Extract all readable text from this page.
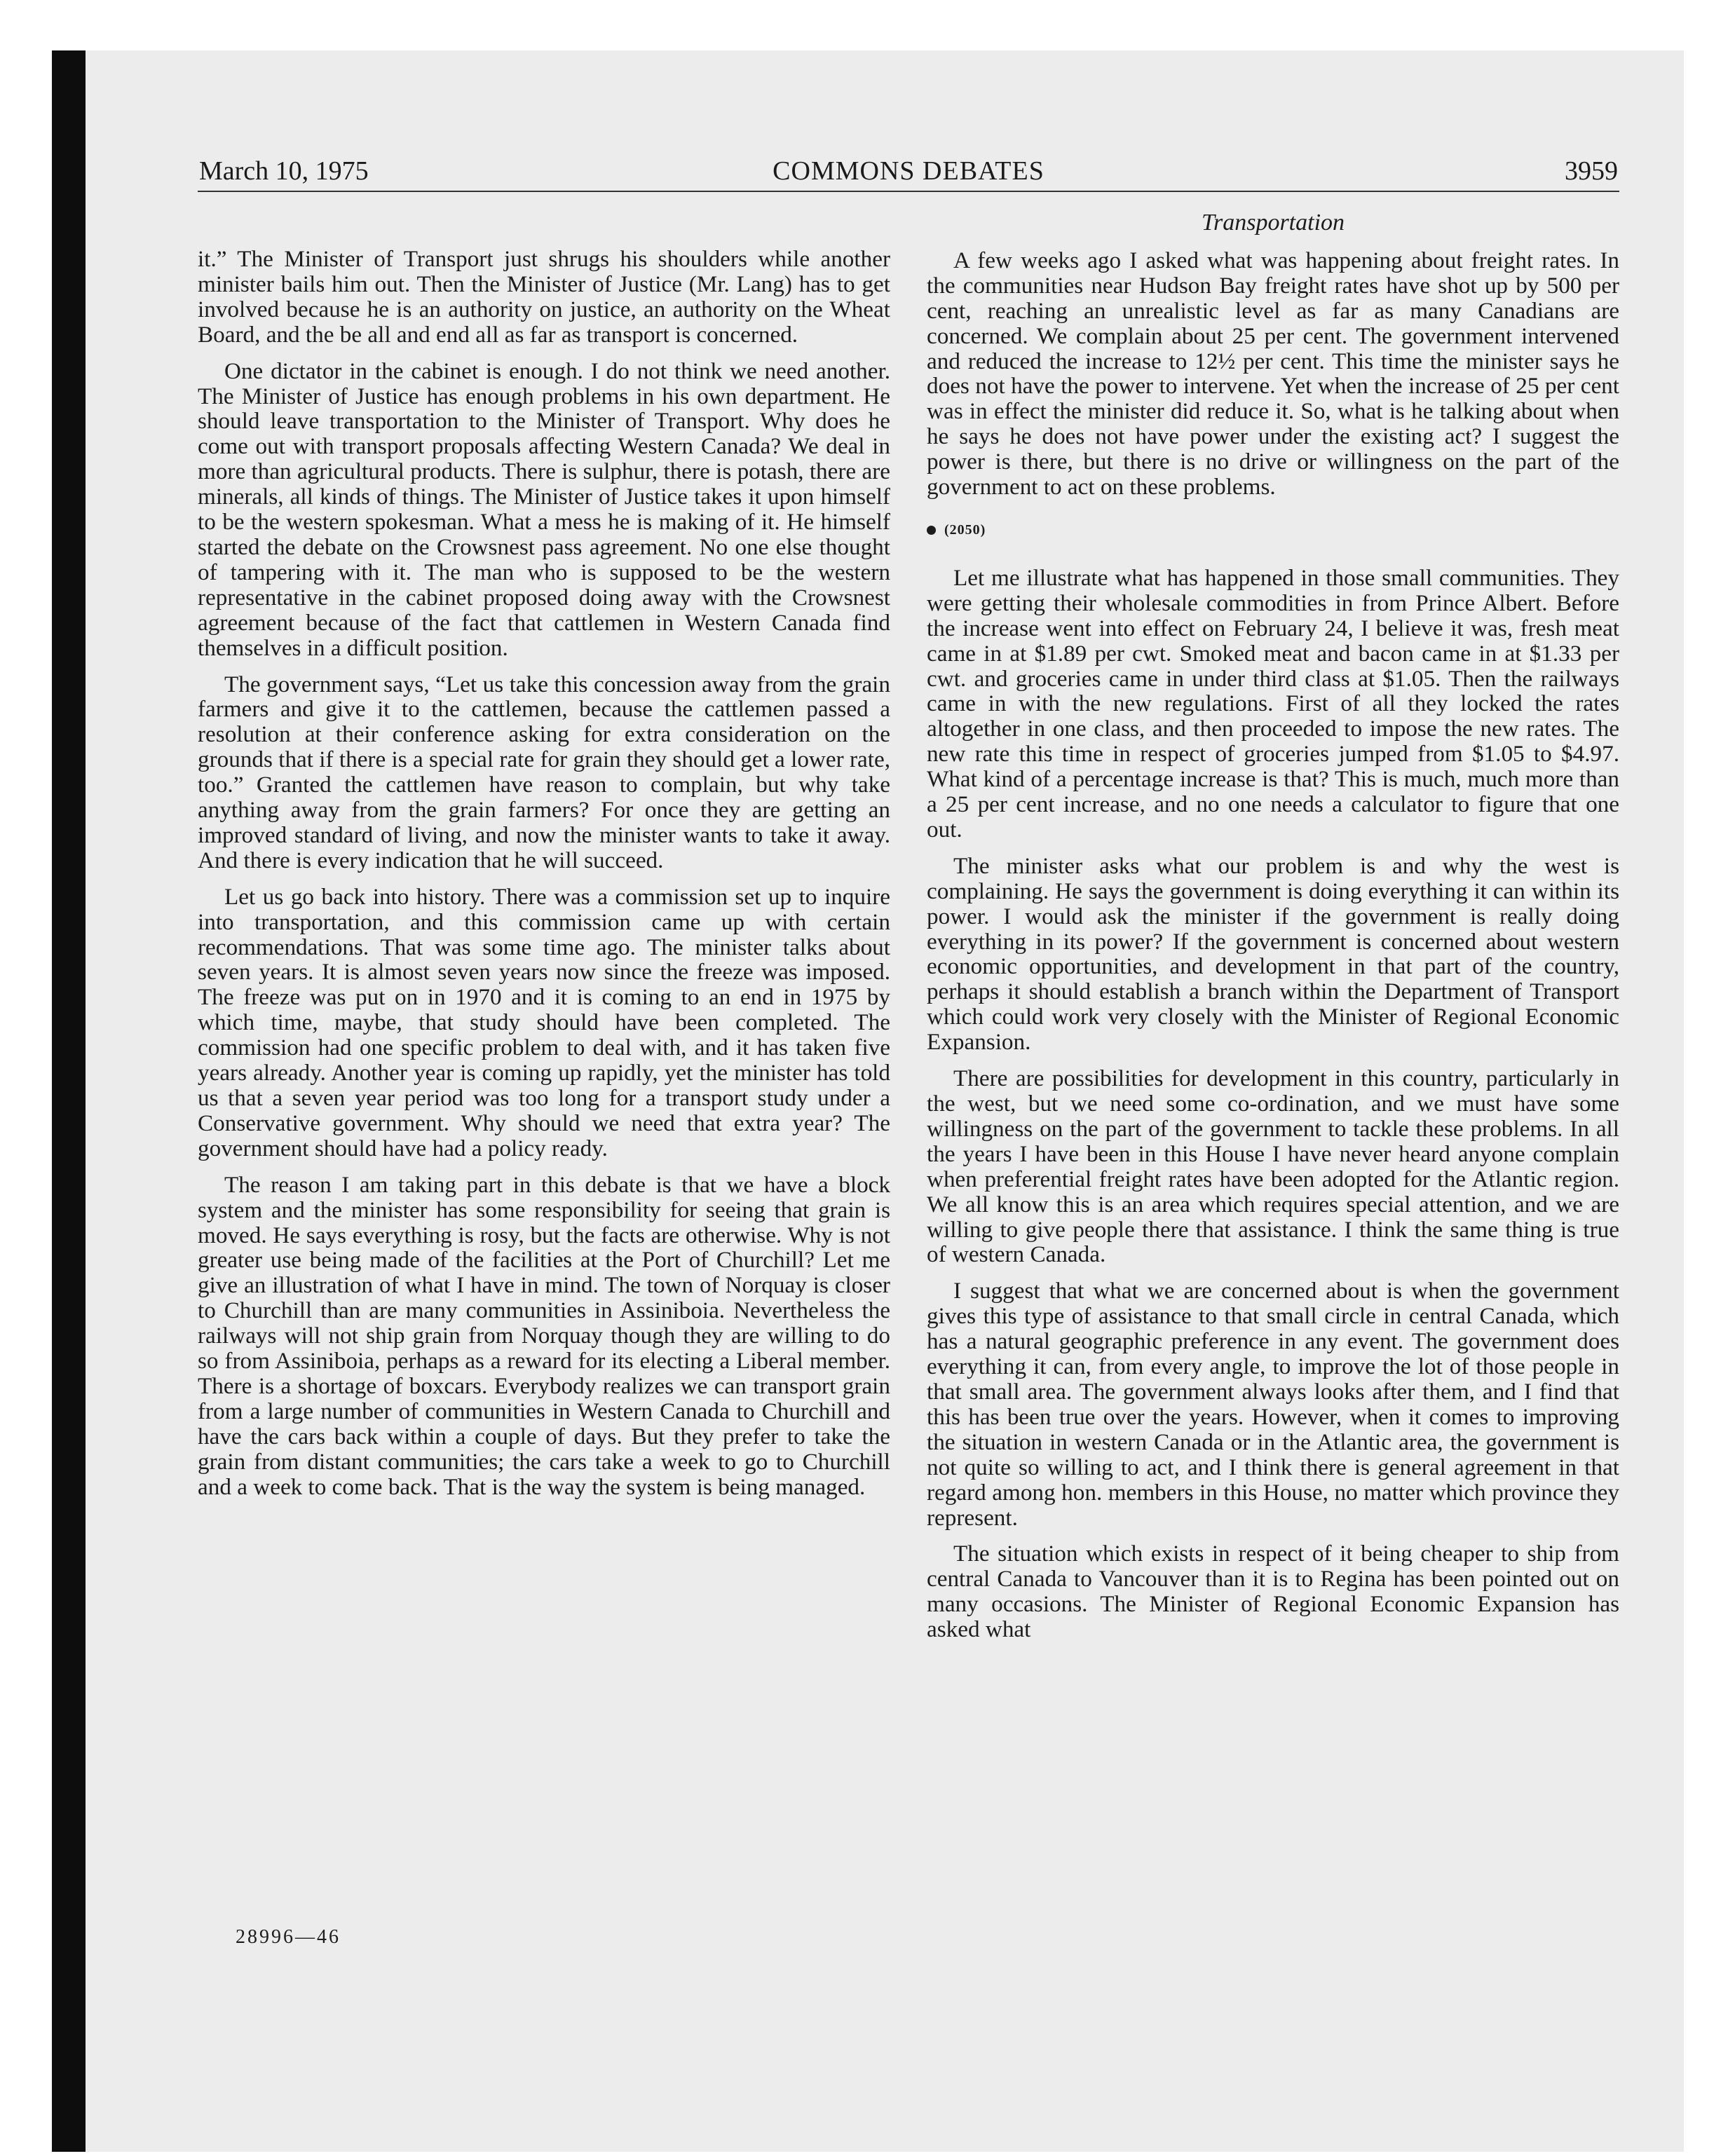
March 10, 1975	COMMONS DEBATES	3959

it.” The Minister of Transport just shrugs his shoulders while another minister bails him out. Then the Minister of Justice (Mr. Lang) has to get involved because he is an authority on justice, an authority on the Wheat Board, and the be all and end all as far as transport is concerned.

One dictator in the cabinet is enough. I do not think we need another. The Minister of Justice has enough problems in his own department. He should leave transportation to the Minister of Transport. Why does he come out with transport proposals affecting Western Canada? We deal in more than agricultural products. There is sulphur, there is potash, there are minerals, all kinds of things. The Minister of Justice takes it upon himself to be the western spokesman. What a mess he is making of it. He himself started the debate on the Crowsnest pass agreement. No one else thought of tampering with it. The man who is supposed to be the western representative in the cabinet proposed doing away with the Crowsnest agreement because of the fact that cattlemen in Western Canada find themselves in a difficult position.

The government says, “Let us take this concession away from the grain farmers and give it to the cattlemen, because the cattlemen passed a resolution at their conference asking for extra consideration on the grounds that if there is a special rate for grain they should get a lower rate, too.” Granted the cattlemen have reason to complain, but why take anything away from the grain farmers? For once they are getting an improved standard of living, and now the minister wants to take it away. And there is every indication that he will succeed.

Let us go back into history. There was a commission set up to inquire into transportation, and this commission came up with certain recommendations. That was some time ago. The minister talks about seven years. It is almost seven years now since the freeze was imposed. The freeze was put on in 1970 and it is coming to an end in 1975 by which time, maybe, that study should have been completed. The commission had one specific problem to deal with, and it has taken five years already. Another year is coming up rapidly, yet the minister has told us that a seven year period was too long for a transport study under a Conservative government. Why should we need that extra year? The government should have had a policy ready.

The reason I am taking part in this debate is that we have a block system and the minister has some responsibility for seeing that grain is moved. He says everything is rosy, but the facts are otherwise. Why is not greater use being made of the facilities at the Port of Churchill? Let me give an illustration of what I have in mind. The town of Norquay is closer to Churchill than are many communities in Assiniboia. Nevertheless the railways will not ship grain from Norquay though they are willing to do so from Assiniboia, perhaps as a reward for its electing a Liberal member. There is a shortage of boxcars. Everybody realizes we can transport grain from a large number of communities in Western Canada to Churchill and have the cars back within a couple of days. But they prefer to take the grain from distant communities; the cars take a week to go to Churchill and a week to come back. That is the way the system is being managed.

Transportation

A few weeks ago I asked what was happening about freight rates. In the communities near Hudson Bay freight rates have shot up by 500 per cent, reaching an unrealistic level as far as many Canadians are concerned. We complain about 25 per cent. The government intervened and reduced the increase to 12½ per cent. This time the minister says he does not have the power to intervene. Yet when the increase of 25 per cent was in effect the minister did reduce it. So, what is he talking about when he says he does not have power under the existing act? I suggest the power is there, but there is no drive or willingness on the part of the government to act on these problems.

(2050)

Let me illustrate what has happened in those small communities. They were getting their wholesale commodities in from Prince Albert. Before the increase went into effect on February 24, I believe it was, fresh meat came in at $1.89 per cwt. Smoked meat and bacon came in at $1.33 per cwt. and groceries came in under third class at $1.05. Then the railways came in with the new regulations. First of all they locked the rates altogether in one class, and then proceeded to impose the new rates. The new rate this time in respect of groceries jumped from $1.05 to $4.97. What kind of a percentage increase is that? This is much, much more than a 25 per cent increase, and no one needs a calculator to figure that one out.

The minister asks what our problem is and why the west is complaining. He says the government is doing everything it can within its power. I would ask the minister if the government is really doing everything in its power? If the government is concerned about western economic opportunities, and development in that part of the country, perhaps it should establish a branch within the Department of Transport which could work very closely with the Minister of Regional Economic Expansion.

There are possibilities for development in this country, particularly in the west, but we need some co-ordination, and we must have some willingness on the part of the government to tackle these problems. In all the years I have been in this House I have never heard anyone complain when preferential freight rates have been adopted for the Atlantic region. We all know this is an area which requires special attention, and we are willing to give people there that assistance. I think the same thing is true of western Canada.

I suggest that what we are concerned about is when the government gives this type of assistance to that small circle in central Canada, which has a natural geographic preference in any event. The government does everything it can, from every angle, to improve the lot of those people in that small area. The government always looks after them, and I find that this has been true over the years. However, when it comes to improving the situation in western Canada or in the Atlantic area, the government is not quite so willing to act, and I think there is general agreement in that regard among hon. members in this House, no matter which province they represent.

The situation which exists in respect of it being cheaper to ship from central Canada to Vancouver than it is to Regina has been pointed out on many occasions. The Minister of Regional Economic Expansion has asked what

28996—46
